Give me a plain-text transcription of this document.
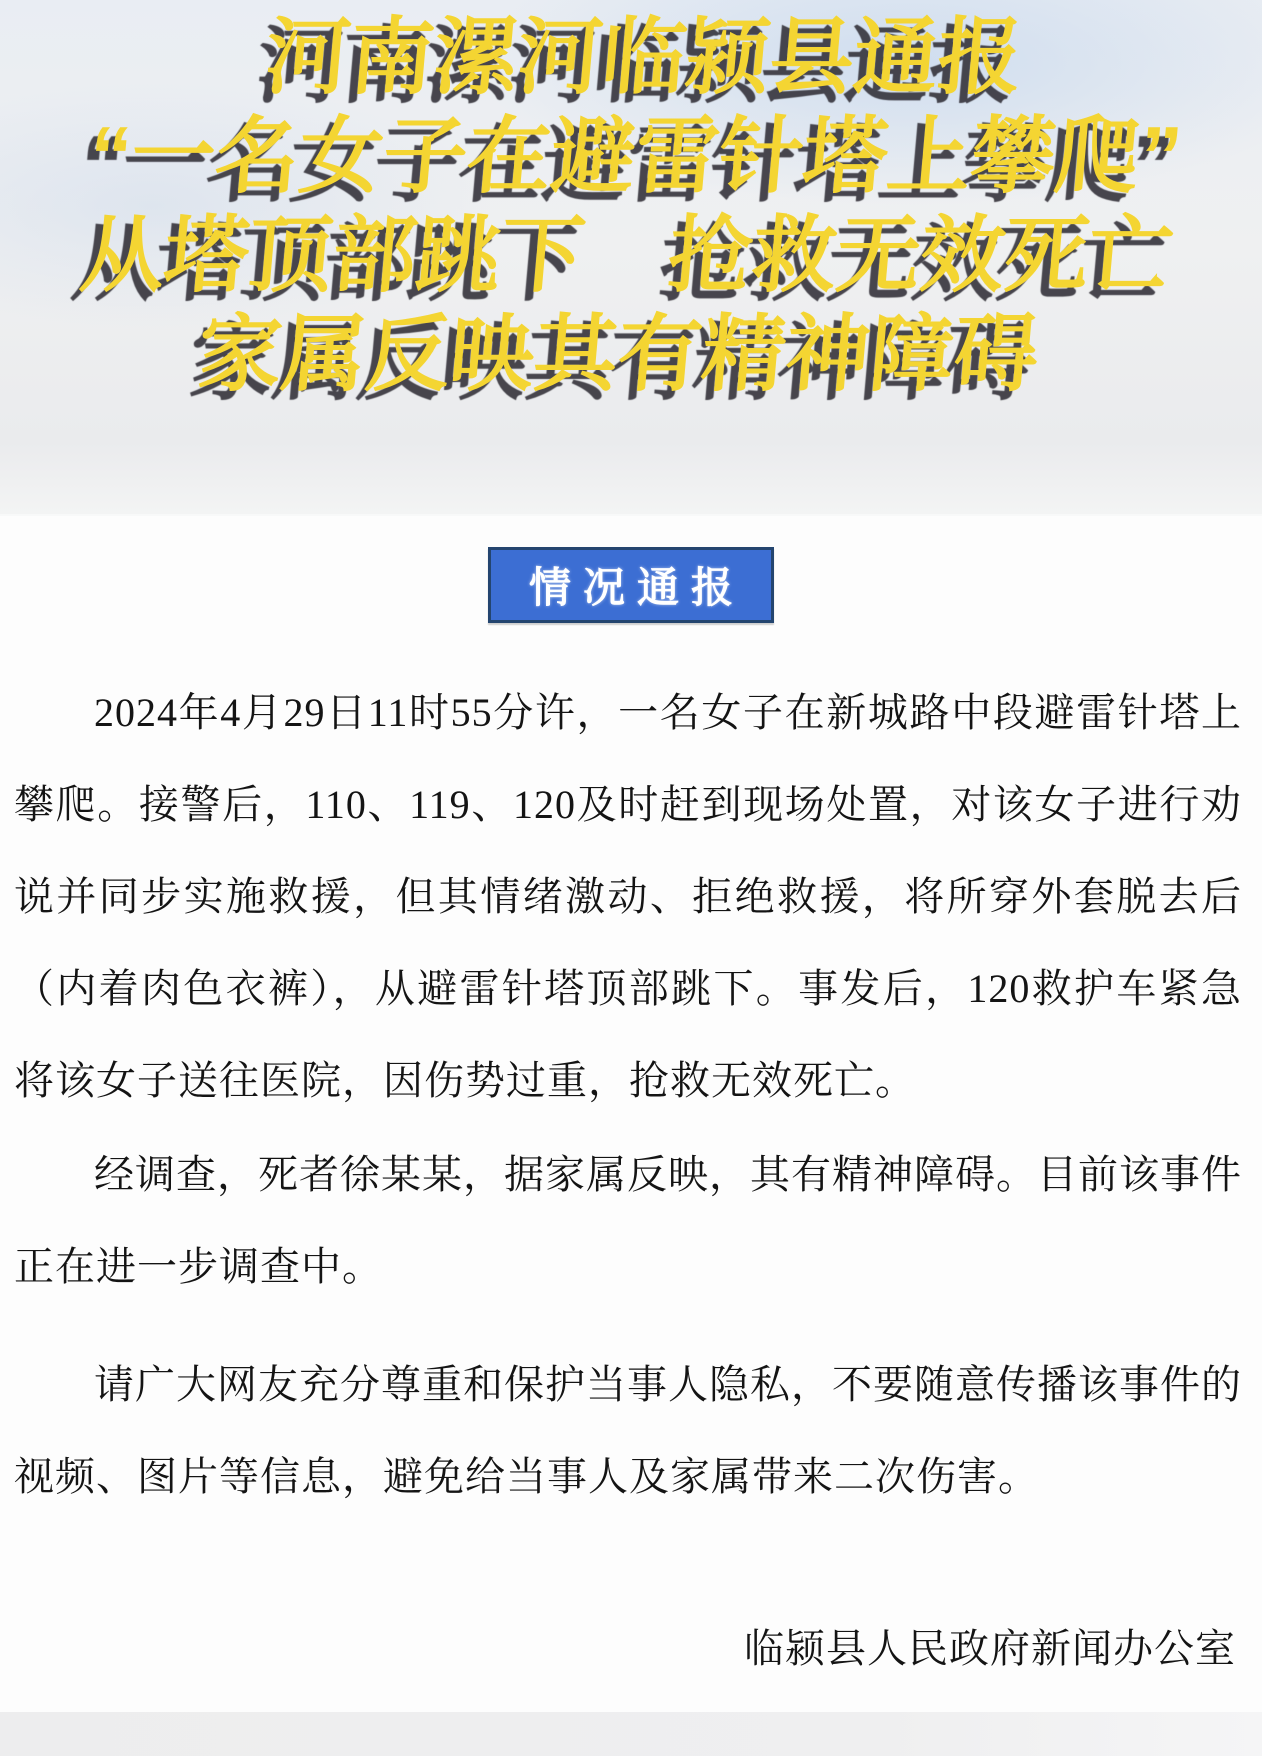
河南漯河临颍县通报
“一名女子在避雷针塔上攀爬”
从塔顶部跳下　抢救无效死亡
家属反映其有精神障碍
情况通报

2024年4月29日11时55分许，一名女子在新城路中段避雷针塔上攀爬。接警后，110、119、120及时赶到现场处置，对该女子进行劝说并同步实施救援，但其情绪激动、拒绝救援，将所穿外套脱去后（内着肉色衣裤），从避雷针塔顶部跳下。事发后，120救护车紧急将该女子送往医院，因伤势过重，抢救无效死亡。

经调查，死者徐某某，据家属反映，其有精神障碍。目前该事件正在进一步调查中。

请广大网友充分尊重和保护当事人隐私，不要随意传播该事件的视频、图片等信息，避免给当事人及家属带来二次伤害。

临颍县人民政府新闻办公室
